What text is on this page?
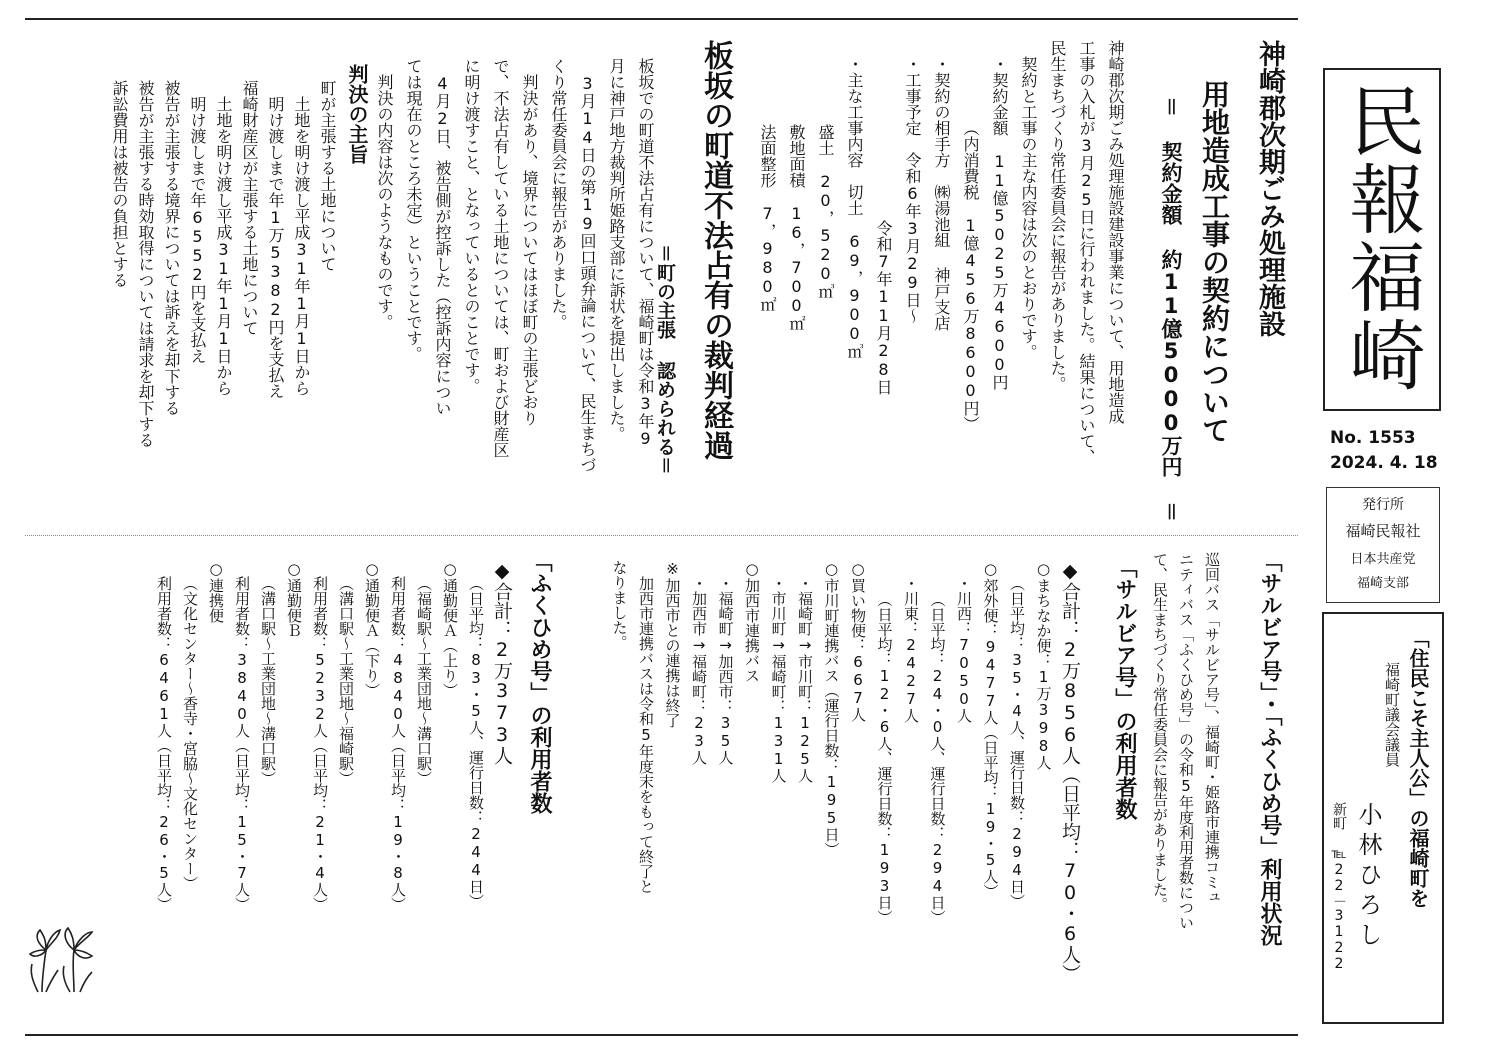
民報福崎
No. 1553
2024. 4. 18
発行所
福崎民報社
日本共産党
福崎支部
「住民こそ主人公」の福崎町を
福崎町議会議員
小林ひろし
新町 ℡22－3122
神崎郡次期ごみ処理施設
用地造成工事の契約について
＝ 契約金額 約11億5000万円 ＝
神崎郡次期ごみ処理施設建設事業について、用地造成
工事の入札が3月25日に行われました。結果について、
民生まちづくり常任委員会に報告がありました。
契約と工事の主な内容は次のとおりです。
・契約金額　11億5025万4600円
（内消費税　1億456万8600円）
・契約の相手方　㈱湯池組 神戸支店
・工事予定　令和6年3月29日～
令和7年11月28日
・主な工事内容　切土　69，900㎥
盛土　20，520㎥
敷地面積　16，700㎡
法面整形　7，980㎡
板坂の町道不法占有の裁判経過
＝町の主張 認められる＝
板坂での町道不法占有について、福崎町は令和3年9
月に神戸地方裁判所姫路支部に訴状を提出しました。
3月14日の第19回口頭弁論について、民生まちづ
くり常任委員会に報告がありました。
判決があり、境界についてはほぼ町の主張どおり
で、不法占有している土地については、町および財産区
に明け渡すこと、となっているとのことです。
4月2日、被告側が控訴した（控訴内容につい
ては現在のところ未定）ということです。
判決の内容は次のようなものです。
判決の主旨
町が主張する土地について
土地を明け渡し平成31年1月1日から
明け渡しまで年1万5382円を支払え
福崎財産区が主張する土地について
土地を明け渡し平成31年1月1日から
明け渡しまで年6552円を支払え
被告が主張する境界については訴えを却下する
被告が主張する時効取得については請求を却下する
訴訟費用は被告の負担とする
「サルビア号」・「ふくひめ号」利用状況
巡回バス「サルビア号」、福崎町・姫路市連携コミュ
ニティバス「ふくひめ号」の令和5年度利用者数につい
て、民生まちづくり常任委員会に報告がありました。
「サルビア号」の利用者数
◆合計：2万856人（日平均：70・6人）
○まちなか便：1万398人
（日平均：35・4人、運行日数：294日）
○郊外便：9477人（日平均：19・5人）
・川西：7050人
（日平均：24・0人、運行日数：294日）
・川東：2427人
（日平均：12・6人、運行日数：193日）
○買い物便：667人
○市川町連携バス（運行日数：195日）
・福崎町→市川町：125人
・市川町→福崎町：131人
○加西市連携バス
・福崎町→加西市：35人
・加西市→福崎町：23人
※加西市との連携は終了
加西市連携バスは令和5年度末をもって終了と
なりました。
「ふくひめ号」の利用者数
◆合計：2万373人
（日平均：83・5人、運行日数：244日）
○通勤便Ａ（上り）
（福崎駅～工業団地～溝口駅）
利用者数：4840人（日平均：19・8人）
○通勤便Ａ（下り）
（溝口駅～工業団地～福崎駅）
利用者数：5232人（日平均：21・4人）
○通勤便Ｂ
（溝口駅～工業団地～溝口駅）
利用者数：3840人（日平均：15・7人）
○連携便
（文化センター～香寺・宮脇～文化センター）
利用者数：6461人（日平均：26・5人）
